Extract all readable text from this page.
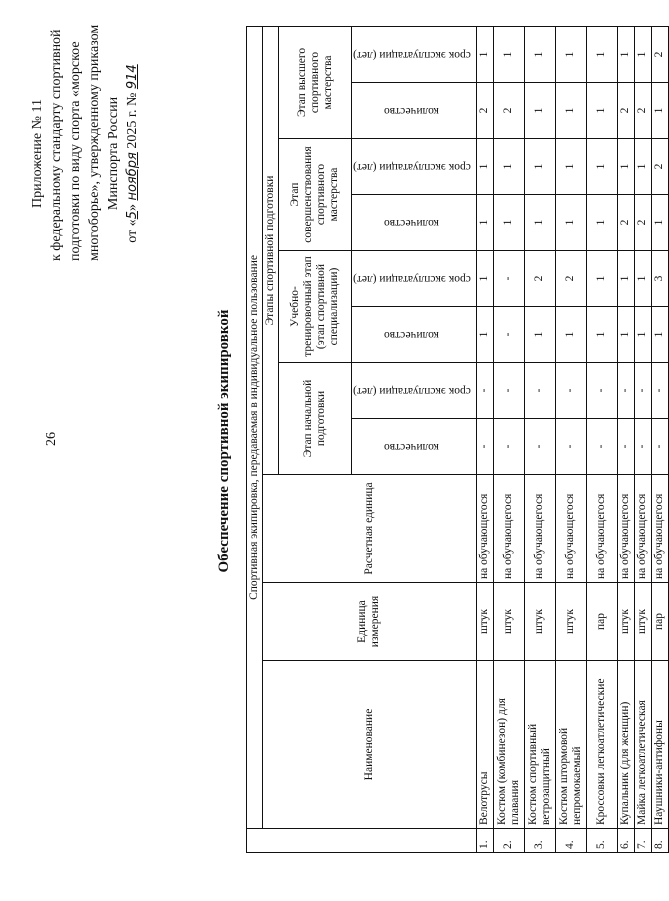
26
Приложение № 11 к федеральному стандарту спортивной подготовки по виду спорта «морское многоборье», утвержденному приказом Минспорта России
от «5» ноября 2025 г. № 914
Обеспечение спортивной экипировкой
	Спортивная экипировка, передаваемая в индивидуальное пользование										
	Наименование	Единица измерения	Расчетная единица	Этапы спортивной подготовки							
				Этап начальной подготовки		Учебно-тренировочный этап (этап спортивной специализации)		Этап совершенствования спортивного мастерства		Этап высшего спортивного мастерства	
				количество	срок эксплуатации (лет)	количество	срок эксплуатации (лет)	количество	срок эксплуатации (лет)	количество	срок эксплуатации (лет)
1.	Велотрусы	штук	на обучающегося	-	-	1	1	1	1	2	1
2.	Костюм (комбинезон) для плавания	штук	на обучающегося	-	-	-	-	1	1	2	1
3.	Костюм спортивный ветрозащитный	штук	на обучающегося	-	-	1	2	1	1	1	1
4.	Костюм штормовой непромокаемый	штук	на обучающегося	-	-	1	2	1	1	1	1
5.	Кроссовки легкоатлетические	пар	на обучающегося	-	-	1	1	1	1	1	1
6.	Купальник (для женщин)	штук	на обучающегося	-	-	1	1	2	1	2	1
7.	Майка легкоатлетическая	штук	на обучающегося	-	-	1	1	2	1	2	1
8.	Наушники-антифоны	пар	на обучающегося	-	-	1	3	1	2	1	2
